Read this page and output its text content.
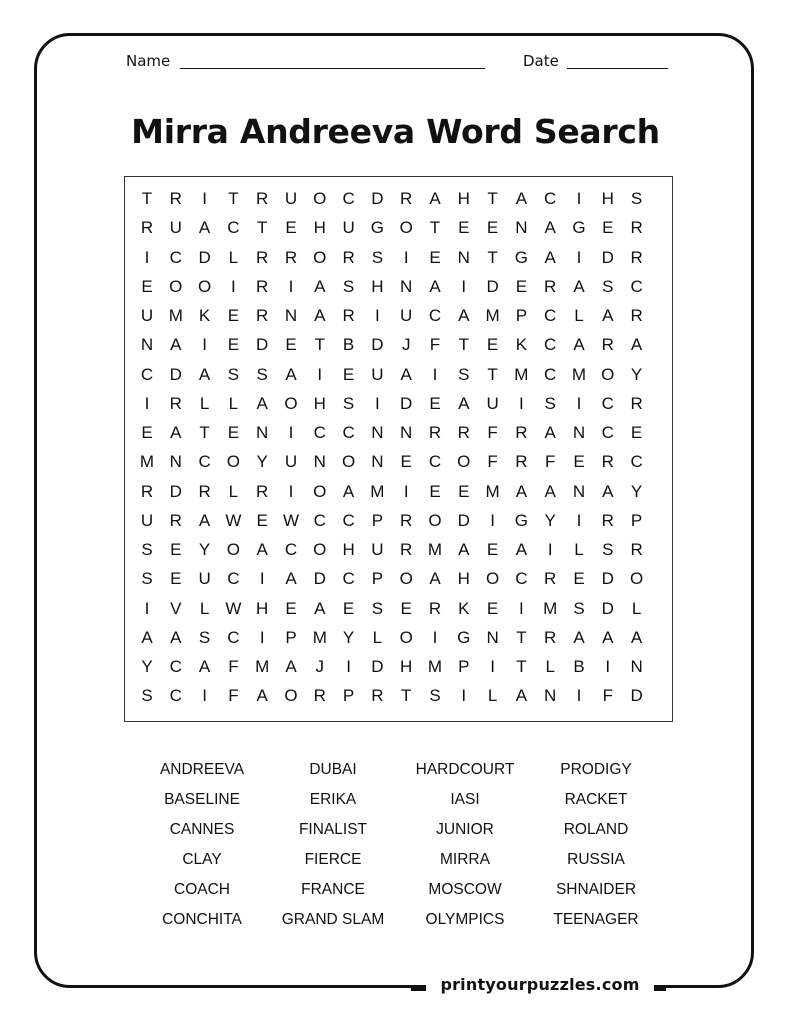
Name	Date
Mirra Andreeva Word Search
T	R	I	T	R U O C D R	A H	T	A C	I	H S
R U A C	T	E H U G O	T	E	E N A G E R
I	C D	L	R R O R S	I	E N	T G A	I	D R
E O O	I	R	I	A	S H N	A	I	D E R	A	S C
U M K	E R N A R	I	U C A M P C	L	A R
N A	I	E D	E	T	B D	J	F	T	E	K C	A R A
C D A	S	S	A	I	E U A	I	S	T M C M O Y
I	R	L	L	A O H S	I	D	E	A U	I	S	I	C R
E	A	T	E N	I	C C N N R R	F	R A	N C E
M N C O Y	U N O N E	C O F	R	F	E R C
R D R	L	R	I	O A M	I	E	E M A	A	N A	Y
U R A W E W C C P R O D	I	G Y	I	R P
S	E	Y O A	C O H U R M A	E	A	I	L	S R
S	E U C	I	A D C P O A H O C R	E D O
I	V	L W H	E	A	E	S	E	R K	E	I	M S D	L
A	A	S C	I	P M Y	L	O	I	G N	T	R	A	A	A
Y C A	F M A	J	I	D H M P	I	T	L	B	I	N
S C	I	F	A O R P R	T	S	I	L	A N	I	F	D
ANDREEVA	DUBAI	HARDCOURT	PRODIGY
BASELINE	ERIKA	IASI	RACKET
CANNES	FINALIST	JUNIOR	ROLAND
CLAY	FIERCE	MIRRA	RUSSIA
COACH	FRANCE	MOSCOW	SHNAIDER
CONCHITA	GRAND SLAM	OLYMPICS	TEENAGER
printyourpuzzles.com
